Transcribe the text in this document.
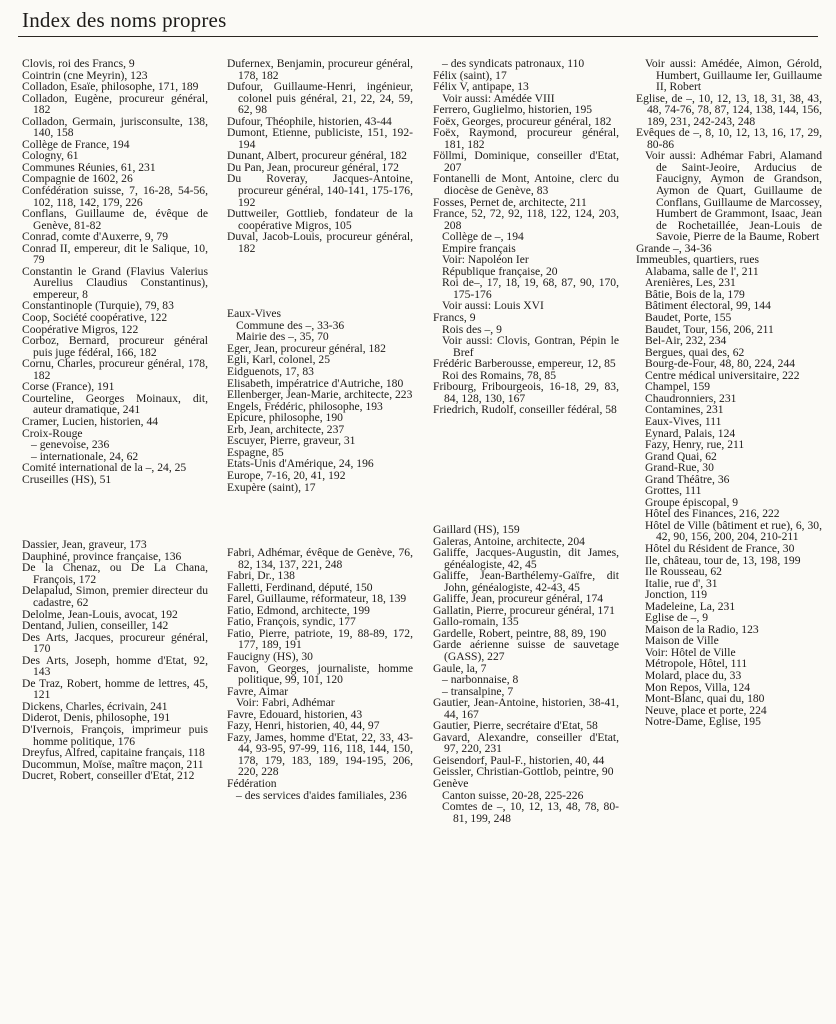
Index des noms propres
Clovis, roi des Francs, 9
Cointrin (cne Meyrin), 123
Colladon, Esaïe, philosophe, 171, 189
Colladon, Eugène, procureur général, 182
Colladon, Germain, jurisconsulte, 138, 140, 158
Collège de France, 194
Cologny, 61
Communes Réunies, 61, 231
Compagnie de 1602, 26
Confédération suisse, 7, 16-28, 54-56, 102, 118, 142, 179, 226
Conflans, Guillaume de, évêque de Genève, 81-82
Conrad, comte d'Auxerre, 9, 79
Conrad II, empereur, dit le Salique, 10, 79
Constantin le Grand (Flavius Valerius Aurelius Claudius Constantinus), empereur, 8
Constantinople (Turquie), 79, 83
Coop, Société coopérative, 122
Coopérative Migros, 122
Corboz, Bernard, procureur général puis juge fédéral, 166, 182
Cornu, Charles, procureur général, 178, 182
Corse (France), 191
Courteline, Georges Moinaux, dit, auteur dramatique, 241
Cramer, Lucien, historien, 44
Croix-Rouge
– genevoise, 236
– internationale, 24, 62
Comité international de la –, 24, 25
Cruseilles (HS), 51
Dassier, Jean, graveur, 173
Dauphiné, province française, 136
De la Chenaz, ou De La Chana, François, 172
Delapalud, Simon, premier directeur du cadastre, 62
Delolme, Jean-Louis, avocat, 192
Dentand, Julien, conseiller, 142
Des Arts, Jacques, procureur général, 170
Des Arts, Joseph, homme d'Etat, 92, 143
De Traz, Robert, homme de lettres, 45, 121
Dickens, Charles, écrivain, 241
Diderot, Denis, philosophe, 191
D'Ivernois, François, imprimeur puis homme politique, 176
Dreyfus, Alfred, capitaine français, 118
Ducommun, Moïse, maître maçon, 211
Ducret, Robert, conseiller d'Etat, 212
Dufernex, Benjamin, procureur général, 178, 182
Dufour, Guillaume-Henri, ingénieur, colonel puis général, 21, 22, 24, 59, 62, 98
Dufour, Théophile, historien, 43-44
Dumont, Etienne, publiciste, 151, 192-194
Dunant, Albert, procureur général, 182
Du Pan, Jean, procureur général, 172
Du Roveray, Jacques-Antoine, procureur général, 140-141, 175-176, 192
Duttweiler, Gottlieb, fondateur de la coopérative Migros, 105
Duval, Jacob-Louis, procureur général, 182
Eaux-Vives
Commune des –, 33-36
Mairie des –, 35, 70
Eger, Jean, procureur général, 182
Egli, Karl, colonel, 25
Eidguenots, 17, 83
Elisabeth, impératrice d'Autriche, 180
Ellenberger, Jean-Marie, architecte, 223
Engels, Frédéric, philosophe, 193
Epicure, philosophe, 190
Erb, Jean, architecte, 237
Escuyer, Pierre, graveur, 31
Espagne, 85
Etats-Unis d'Amérique, 24, 196
Europe, 7-16, 20, 41, 192
Exupère (saint), 17
Fabri, Adhémar, évêque de Genève, 76, 82, 134, 137, 221, 248
Fabri, Dr., 138
Falletti, Ferdinand, député, 150
Farel, Guillaume, réformateur, 18, 139
Fatio, Edmond, architecte, 199
Fatio, François, syndic, 177
Fatio, Pierre, patriote, 19, 88-89, 172, 177, 189, 191
Faucigny (HS), 30
Favon, Georges, journaliste, homme politique, 99, 101, 120
Favre, Aimar
Voir: Fabri, Adhémar
Favre, Edouard, historien, 43
Fazy, Henri, historien, 40, 44, 97
Fazy, James, homme d'Etat, 22, 33, 43-44, 93-95, 97-99, 116, 118, 144, 150, 178, 179, 183, 189, 194-195, 206, 220, 228
Fédération
– des services d'aides familiales, 236
– des syndicats patronaux, 110
Félix (saint), 17
Félix V, antipape, 13
Voir aussi: Amédée VIII
Ferrero, Guglielmo, historien, 195
Foëx, Georges, procureur général, 182
Foëx, Raymond, procureur général, 181, 182
Föllmi, Dominique, conseiller d'Etat, 207
Fontanelli de Mont, Antoine, clerc du diocèse de Genève, 83
Fosses, Pernet de, architecte, 211
France, 52, 72, 92, 118, 122, 124, 203, 208
Collège de –, 194
Empire français
Voir: Napoléon Ier
République française, 20
Roi de–, 17, 18, 19, 68, 87, 90, 170, 175-176
Voir aussi: Louis XVI
Francs, 9
Rois des –, 9
Voir aussi: Clovis, Gontran, Pépin le Bref
Frédéric Barberousse, empereur, 12, 85
Roi des Romains, 78, 85
Fribourg, Fribourgeois, 16-18, 29, 83, 84, 128, 130, 167
Friedrich, Rudolf, conseiller fédéral, 58
Gaillard (HS), 159
Galeras, Antoine, architecte, 204
Galiffe, Jacques-Augustin, dit James, généalogiste, 42, 45
Galiffe, Jean-Barthélemy-Gaïfre, dit John, généalogiste, 42-43, 45
Galiffe, Jean, procureur général, 174
Gallatin, Pierre, procureur général, 171
Gallo-romain, 135
Gardelle, Robert, peintre, 88, 89, 190
Garde aérienne suisse de sauvetage (GASS), 227
Gaule, la, 7
– narbonnaise, 8
– transalpine, 7
Gautier, Jean-Antoine, historien, 38-41, 44, 167
Gautier, Pierre, secrétaire d'Etat, 58
Gavard, Alexandre, conseiller d'Etat, 97, 220, 231
Geisendorf, Paul-F., historien, 40, 44
Geissler, Christian-Gottlob, peintre, 90
Genève
Canton suisse, 20-28, 225-226
Comtes de –, 10, 12, 13, 48, 78, 80-81, 199, 248
Voir aussi: Amédée, Aimon, Gérold, Humbert, Guillaume Ier, Guillaume II, Robert
Eglise, de –, 10, 12, 13, 18, 31, 38, 43, 48, 74-76, 78, 87, 124, 138, 144, 156, 189, 231, 242-243, 248
Evêques de –, 8, 10, 12, 13, 16, 17, 29, 80-86
Voir aussi: Adhémar Fabri, Alamand de Saint-Jeoire, Arducius de Faucigny, Aymon de Grandson, Aymon de Quart, Guillaume de Conflans, Guillaume de Marcossey, Humbert de Grammont, Isaac, Jean de Rochetaillée, Jean-Louis de Savoie, Pierre de la Baume, Robert
Grande –, 34-36
Immeubles, quartiers, rues
Alabama, salle de l', 211
Arenières, Les, 231
Bâtie, Bois de la, 179
Bâtiment électoral, 99, 144
Baudet, Porte, 155
Baudet, Tour, 156, 206, 211
Bel-Air, 232, 234
Bergues, quai des, 62
Bourg-de-Four, 48, 80, 224, 244
Centre médical universitaire, 222
Champel, 159
Chaudronniers, 231
Contamines, 231
Eaux-Vives, 111
Eynard, Palais, 124
Fazy, Henry, rue, 211
Grand Quai, 62
Grand-Rue, 30
Grand Théâtre, 36
Grottes, 111
Groupe épiscopal, 9
Hôtel des Finances, 216, 222
Hôtel de Ville (bâtiment et rue), 6, 30, 42, 90, 156, 200, 204, 210-211
Hôtel du Résident de France, 30
Ile, château, tour de, 13, 198, 199
Ile Rousseau, 62
Italie, rue d', 31
Jonction, 119
Madeleine, La, 231
Eglise de –, 9
Maison de la Radio, 123
Maison de Ville
Voir: Hôtel de Ville
Métropole, Hôtel, 111
Molard, place du, 33
Mon Repos, Villa, 124
Mont-Blanc, quai du, 180
Neuve, place et porte, 224
Notre-Dame, Eglise, 195
